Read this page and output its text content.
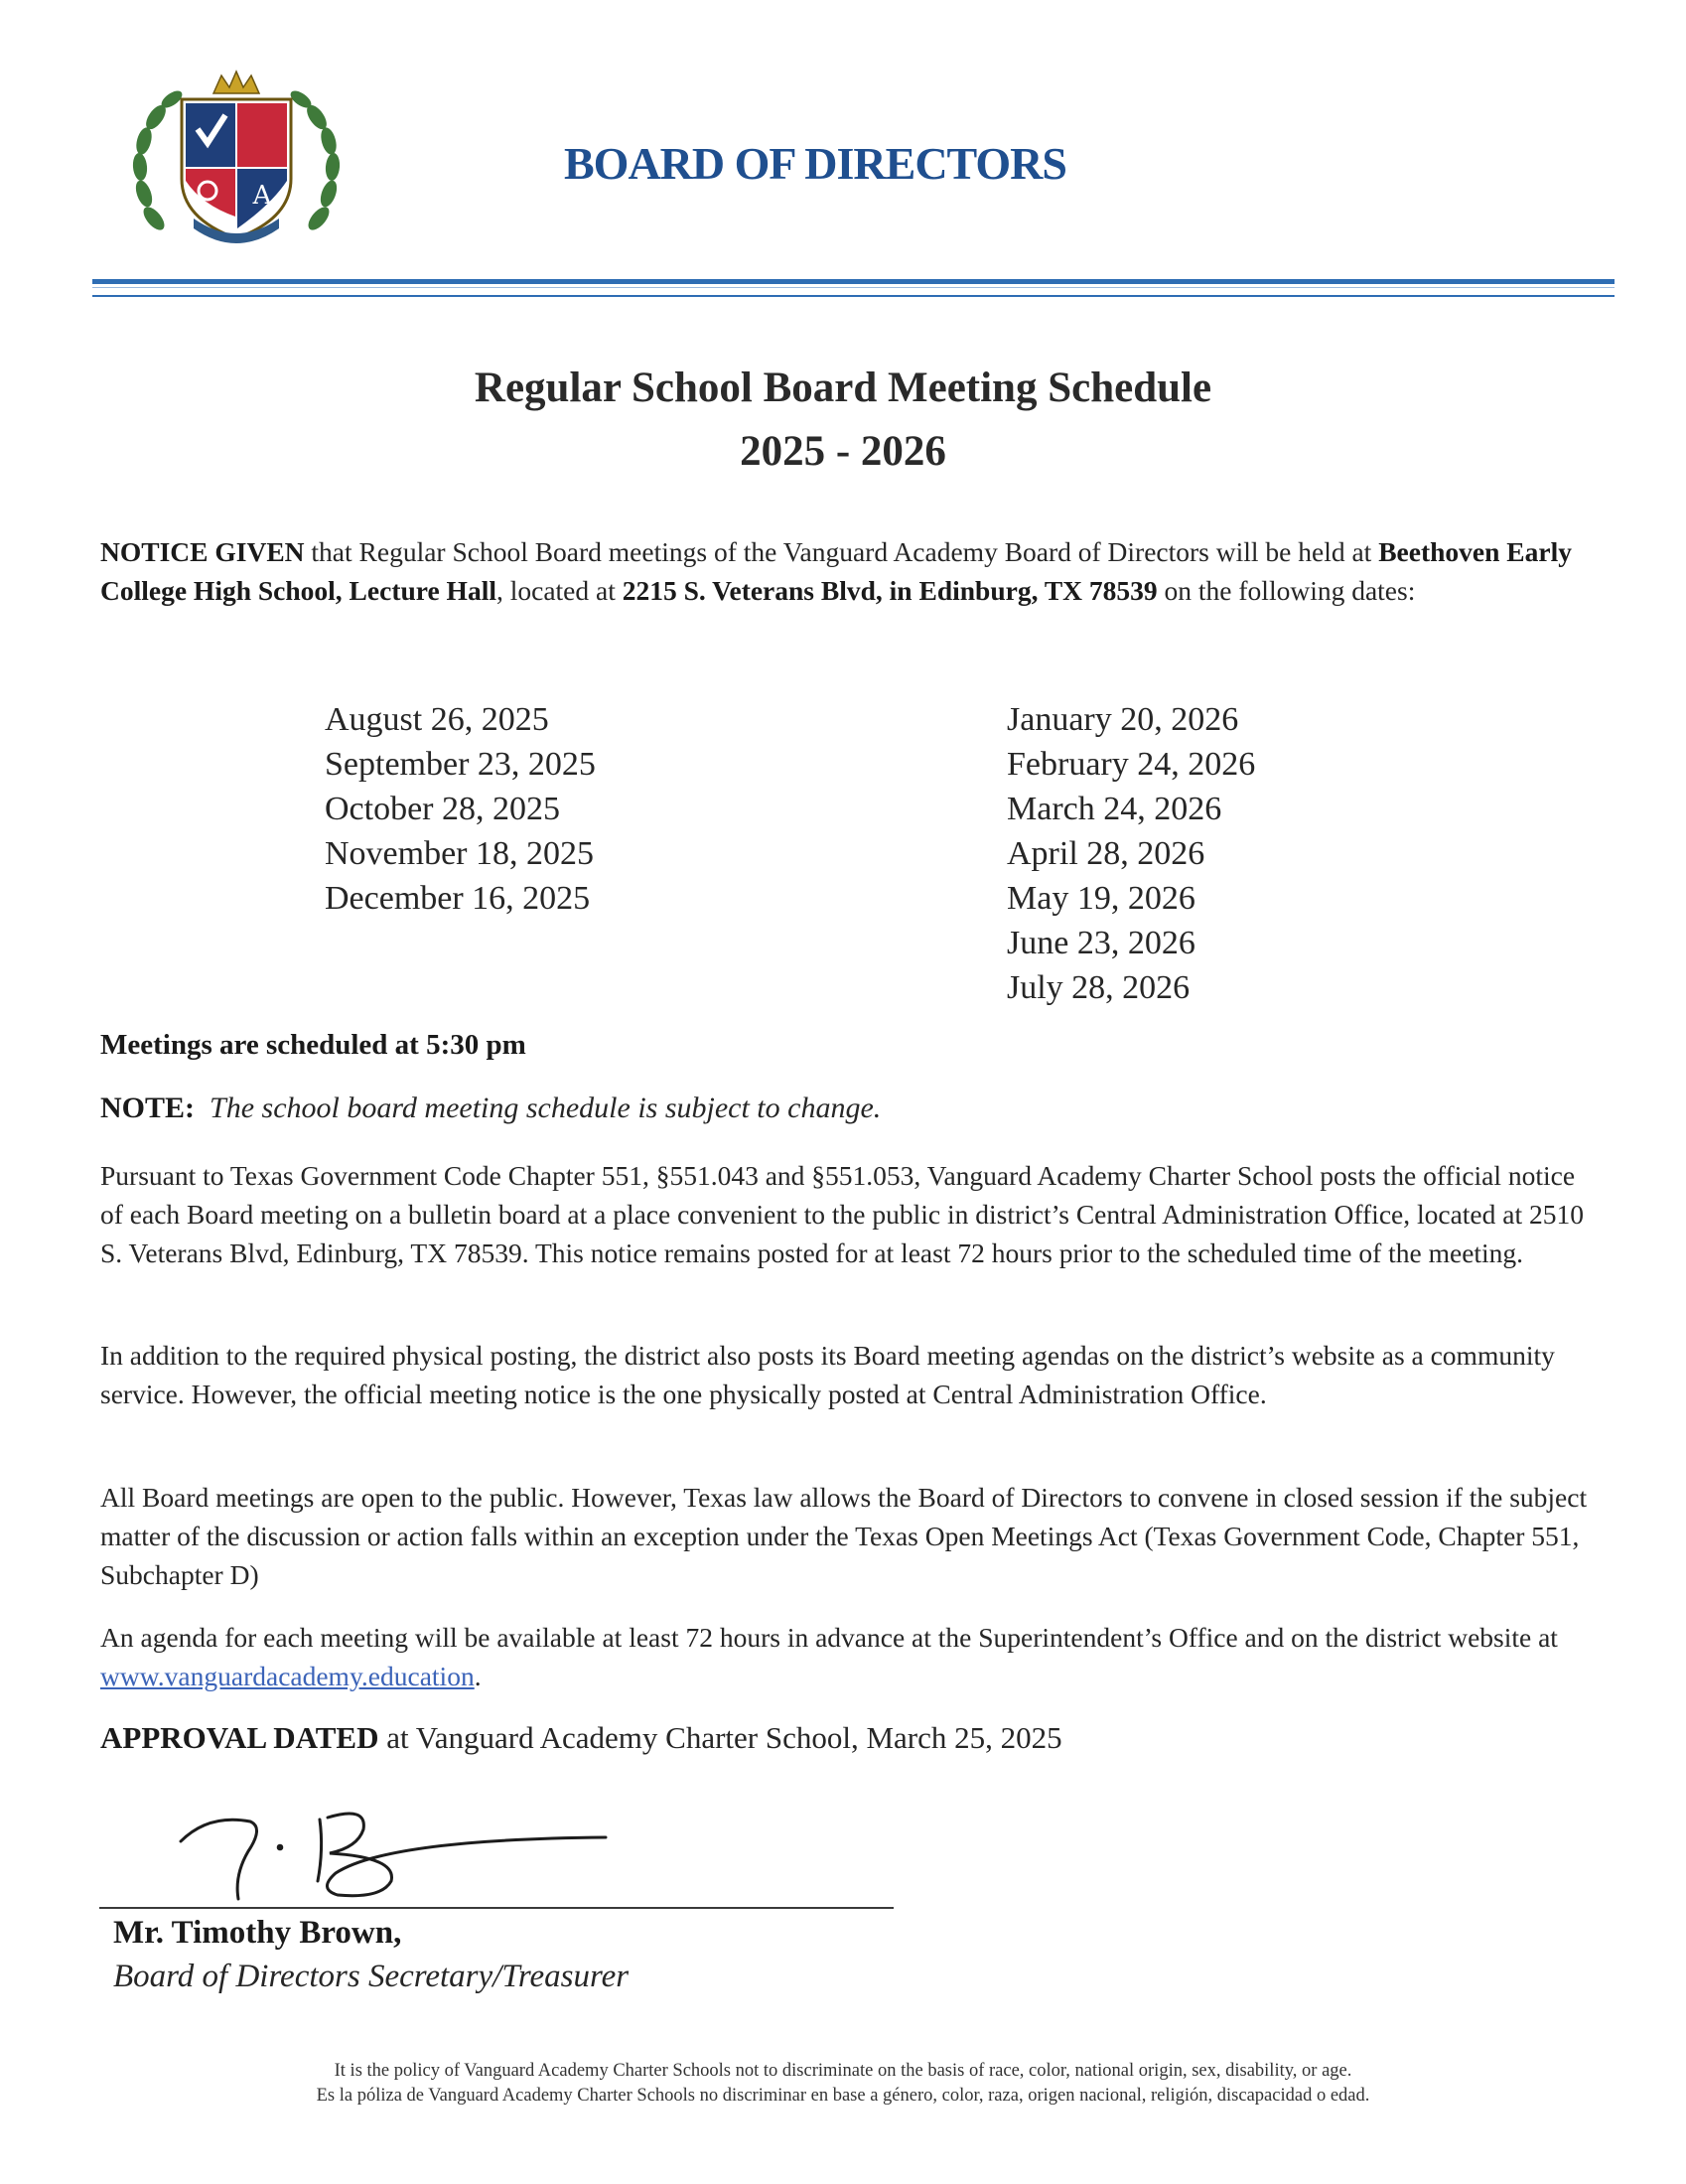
A
BOARD OF DIRECTORS
Regular School Board Meeting Schedule
2025 - 2026
NOTICE GIVEN that Regular School Board meetings of the Vanguard Academy Board of Directors will be held at Beethoven Early College High School, Lecture Hall, located at 2215 S. Veterans Blvd, in Edinburg, TX 78539 on the following dates:
August 26, 2025
September 23, 2025
October 28, 2025
November 18, 2025
December 16, 2025
January 20, 2026
February 24, 2026
March 24, 2026
April 28, 2026
May 19, 2026
June 23, 2026
July 28, 2026
Meetings are scheduled at 5:30 pm
NOTE: The school board meeting schedule is subject to change.
Pursuant to Texas Government Code Chapter 551, §551.043 and §551.053, Vanguard Academy Charter School posts the official notice of each Board meeting on a bulletin board at a place convenient to the public in district’s Central Administration Office, located at 2510 S. Veterans Blvd, Edinburg, TX 78539. This notice remains posted for at least 72 hours prior to the scheduled time of the meeting.
In addition to the required physical posting, the district also posts its Board meeting agendas on the district’s website as a community service. However, the official meeting notice is the one physically posted at Central Administration Office.
All Board meetings are open to the public. However, Texas law allows the Board of Directors to convene in closed session if the subject matter of the discussion or action falls within an exception under the Texas Open Meetings Act (Texas Government Code, Chapter 551, Subchapter D)
An agenda for each meeting will be available at least 72 hours in advance at the Superintendent’s Office and on the district website at www.vanguardacademy.education.
APPROVAL DATED at Vanguard Academy Charter School, March 25, 2025
Mr. Timothy Brown,
Board of Directors Secretary/Treasurer
It is the policy of Vanguard Academy Charter Schools not to discriminate on the basis of race, color, national origin, sex, disability, or age.
Es la póliza de Vanguard Academy Charter Schools no discriminar en base a género, color, raza, origen nacional, religión, discapacidad o edad.
